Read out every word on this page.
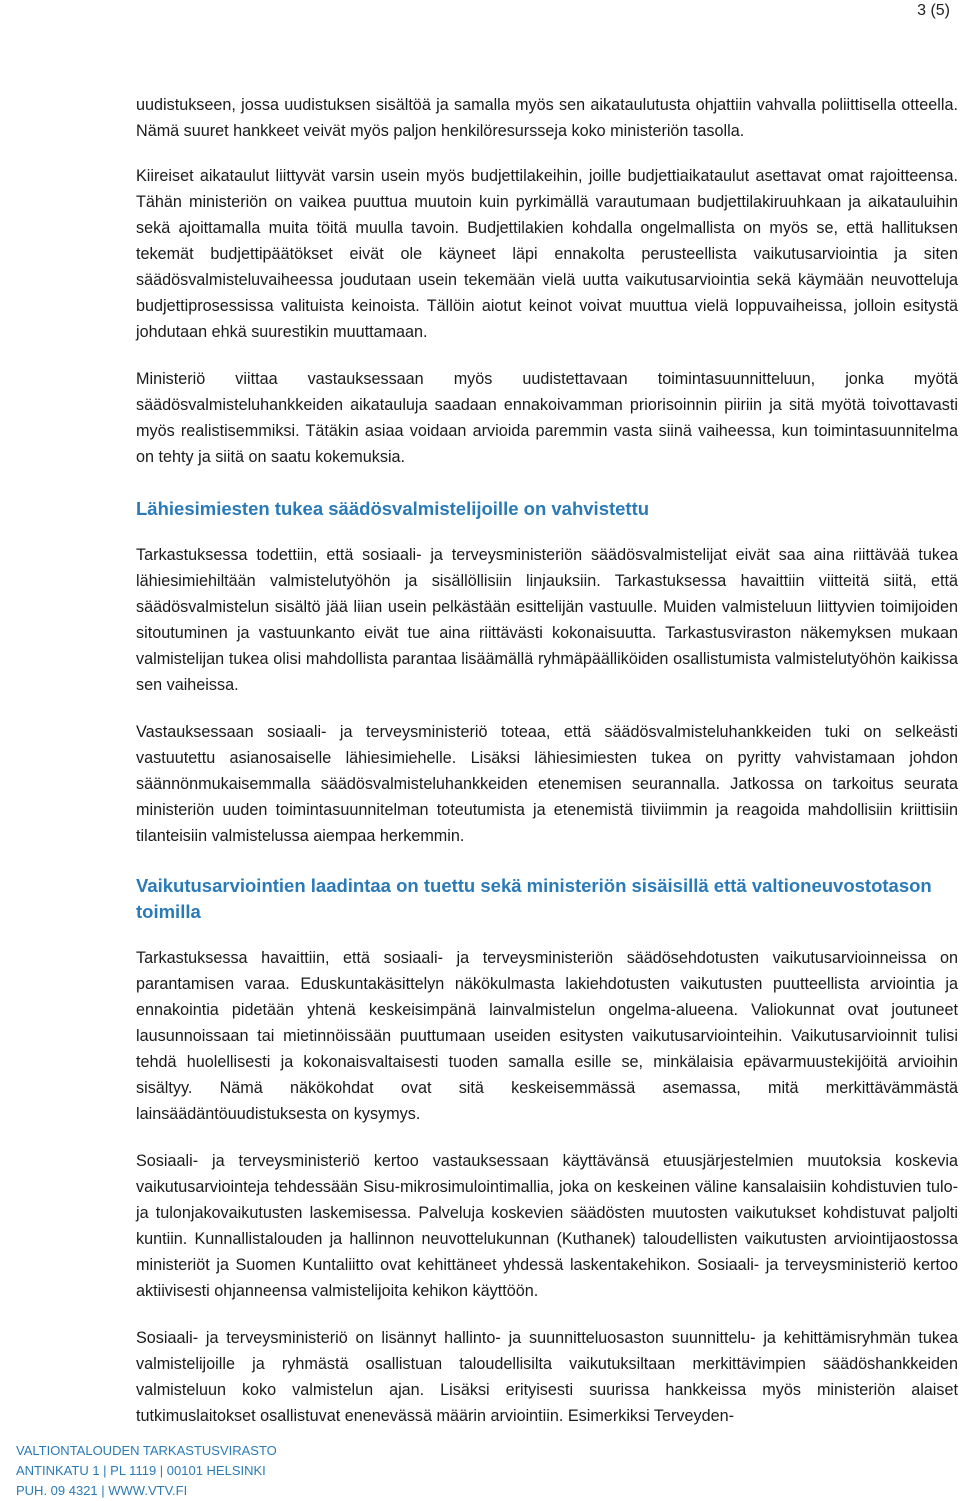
3 (5)

uudistukseen, jossa uudistuksen sisältöä ja samalla myös sen aikataulutusta ohjattiin vahvalla poliittisella otteella. Nämä suuret hankkeet veivät myös paljon henkilöresursseja koko ministeriön tasolla.

Kiireiset aikataulut liittyvät varsin usein myös budjettilakeihin, joille budjettiaikataulut asettavat omat rajoitteensa. Tähän ministeriön on vaikea puuttua muutoin kuin pyrkimällä varautumaan budjettilakiruuhkaan ja aikatauluihin sekä ajoittamalla muita töitä muulla tavoin. Budjettilakien kohdalla ongelmallista on myös se, että hallituksen tekemät budjettipäätökset eivät ole käyneet läpi ennakolta perusteellista vaikutusarviointia ja siten säädösvalmisteluvaiheessa joudutaan usein tekemään vielä uutta vaikutusarviointia sekä käymään neuvotteluja budjettiprosessissa valituista keinoista. Tällöin aiotut keinot voivat muuttua vielä loppuvaiheissa, jolloin esitystä johdutaan ehkä suurestikin muuttamaan.

Ministeriö viittaa vastauksessaan myös uudistettavaan toimintasuunnitteluun, jonka myötä säädösvalmisteluhankkeiden aikatauluja saadaan ennakoivamman priorisoinnin piiriin ja sitä myötä toivottavasti myös realistisemmiksi. Tätäkin asiaa voidaan arvioida paremmin vasta siinä vaiheessa, kun toimintasuunnitelma on tehty ja siitä on saatu kokemuksia.

Lähiesimiesten tukea säädösvalmistelijoille on vahvistettu

Tarkastuksessa todettiin, että sosiaali- ja terveysministeriön säädösvalmistelijat eivät saa aina riittävää tukea lähiesimiehiltään valmistelutyöhön ja sisällöllisiin linjauksiin. Tarkastuksessa havaittiin viitteitä siitä, että säädösvalmistelun sisältö jää liian usein pelkästään esittelijän vastuulle. Muiden valmisteluun liittyvien toimijoiden sitoutuminen ja vastuunkanto eivät tue aina riittävästi kokonaisuutta. Tarkastusviraston näkemyksen mukaan valmistelijan tukea olisi mahdollista parantaa lisäämällä ryhmäpäälliköiden osallistumista valmistelutyöhön kaikissa sen vaiheissa.

Vastauksessaan sosiaali- ja terveysministeriö toteaa, että säädösvalmisteluhankkeiden tuki on selkeästi vastuutettu asianosaiselle lähiesimiehelle. Lisäksi lähiesimiesten tukea on pyritty vahvistamaan johdon säännönmukaisemmalla säädösvalmisteluhankkeiden etenemisen seurannalla. Jatkossa on tarkoitus seurata ministeriön uuden toimintasuunnitelman toteutumista ja etenemistä tiiviimmin ja reagoida mahdollisiin kriittisiin tilanteisiin valmistelussa aiempaa herkemmin.

Vaikutusarviointien laadintaa on tuettu sekä ministeriön sisäisillä että valtioneuvostotason toimilla

Tarkastuksessa havaittiin, että sosiaali- ja terveysministeriön säädösehdotusten vaikutusarvioinneissa on parantamisen varaa. Eduskuntakäsittelyn näkökulmasta lakiehdotusten vaikutusten puutteellista arviointia ja ennakointia pidetään yhtenä keskeisimpänä lainvalmistelun ongelma-alueena. Valiokunnat ovat joutuneet lausunnoissaan tai mietinnöissään puuttumaan useiden esitysten vaikutusarviointeihin. Vaikutusarvioinnit tulisi tehdä huolellisesti ja kokonaisvaltaisesti tuoden samalla esille se, minkälaisia epävarmuustekijöitä arvioihin sisältyy. Nämä näkökohdat ovat sitä keskeisemmässä asemassa, mitä merkittävämmästä lainsäädäntöuudistuksesta on kysymys.

Sosiaali- ja terveysministeriö kertoo vastauksessaan käyttävänsä etuusjärjestelmien muutoksia koskevia vaikutusarviointeja tehdessään Sisu-mikrosimulointimallia, joka on keskeinen väline kansalaisiin kohdistuvien tulo- ja tulonjakovaikutusten laskemisessa. Palveluja koskevien säädösten muutosten vaikutukset kohdistuvat paljolti kuntiin. Kunnallistalouden ja hallinnon neuvottelukunnan (Kuthanek) taloudellisten vaikutusten arviointijaostossa ministeriöt ja Suomen Kuntaliitto ovat kehittäneet yhdessä laskentakehikon. Sosiaali- ja terveysministeriö kertoo aktiivisesti ohjanneensa valmistelijoita kehikon käyttöön.

Sosiaali- ja terveysministeriö on lisännyt hallinto- ja suunnitteluosaston suunnittelu- ja kehittämisryhmän tukea valmistelijoille ja ryhmästä osallistuan taloudellisilta vaikutuksiltaan merkittävimpien säädöshankkeiden valmisteluun koko valmistelun ajan. Lisäksi erityisesti suurissa hankkeissa myös ministeriön alaiset tutkimuslaitokset osallistuvat enenevässä määrin arviointiin. Esimerkiksi Terveyden-

VALTIONTALOUDEN TARKASTUSVIRASTO
ANTINKATU 1 | PL 1119 | 00101 HELSINKI
PUH. 09 4321 | WWW.VTV.FI
